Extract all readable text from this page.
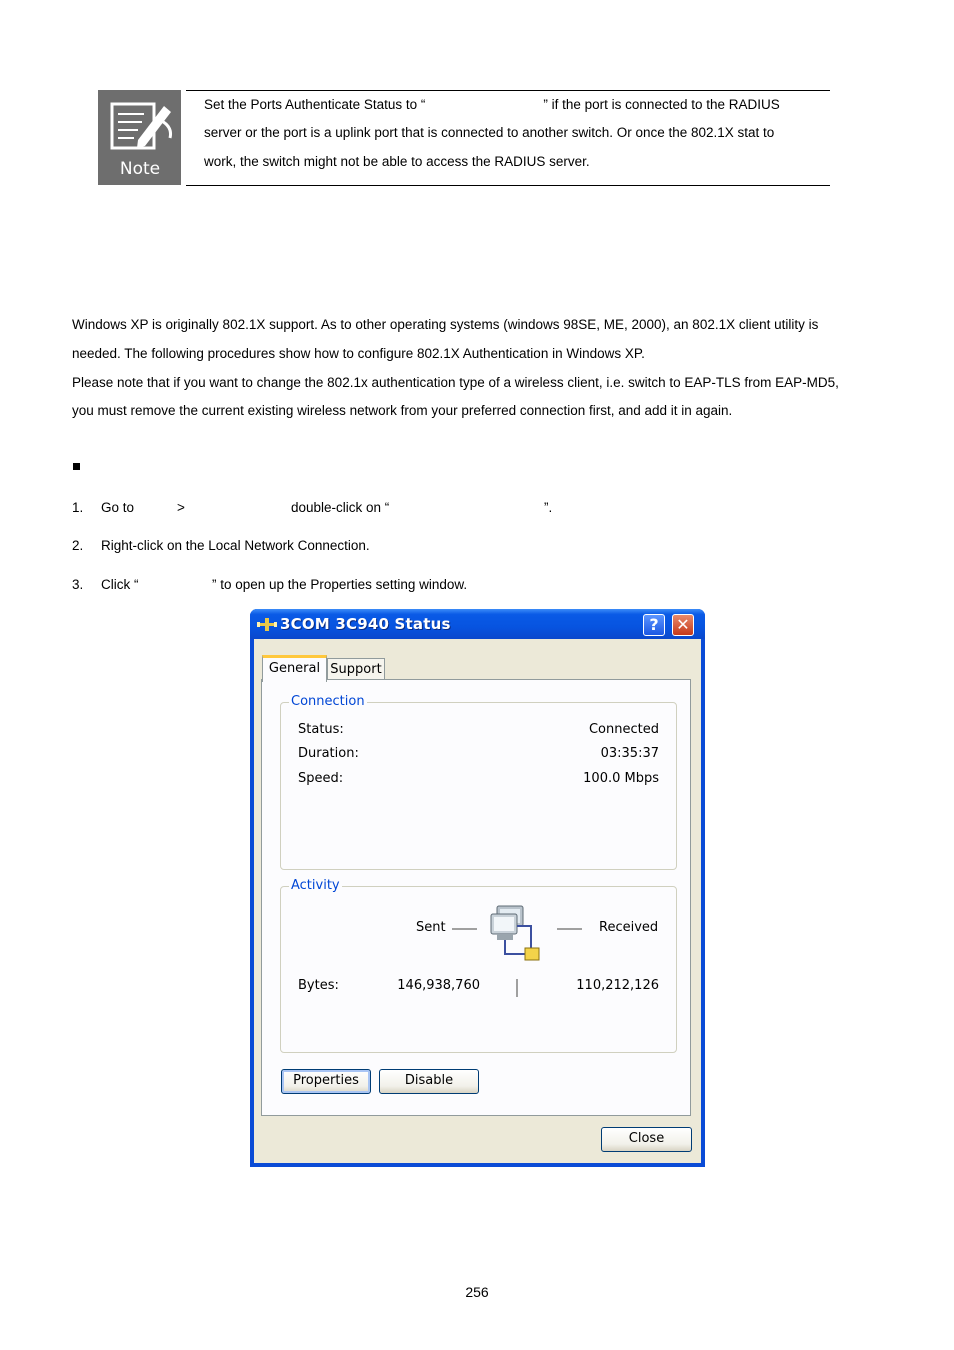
Note
Set the Ports Authenticate Status to “	” if the port is connected to the RADIUS
server or the port is a uplink port that is connected to another switch. Or once the 802.1X stat to
work, the switch might not be able to access the RADIUS server.
Windows XP is originally 802.1X support. As to other operating systems (windows 98SE, ME, 2000), an 802.1X client utility is
needed. The following procedures show how to configure 802.1X Authentication in Windows XP.
Please note that if you want to change the 802.1x authentication type of a wireless client, i.e. switch to EAP-TLS from EAP-MD5,
you must remove the current existing wireless network from your preferred connection first, and add it in again.
1. Go to	>	double-click on “	”.
2. Right-click on the Local Network Connection.
3. Click “	” to open up the Properties setting window.
3COM 3C940 Status	?	✕
General Support
Connection
Status:	Connected
Duration:	03:35:37
Speed:	100.0 Mbps
Activity
Sent	Received
Bytes:	146,938,760	110,212,126
Properties	Disable
Close
256
